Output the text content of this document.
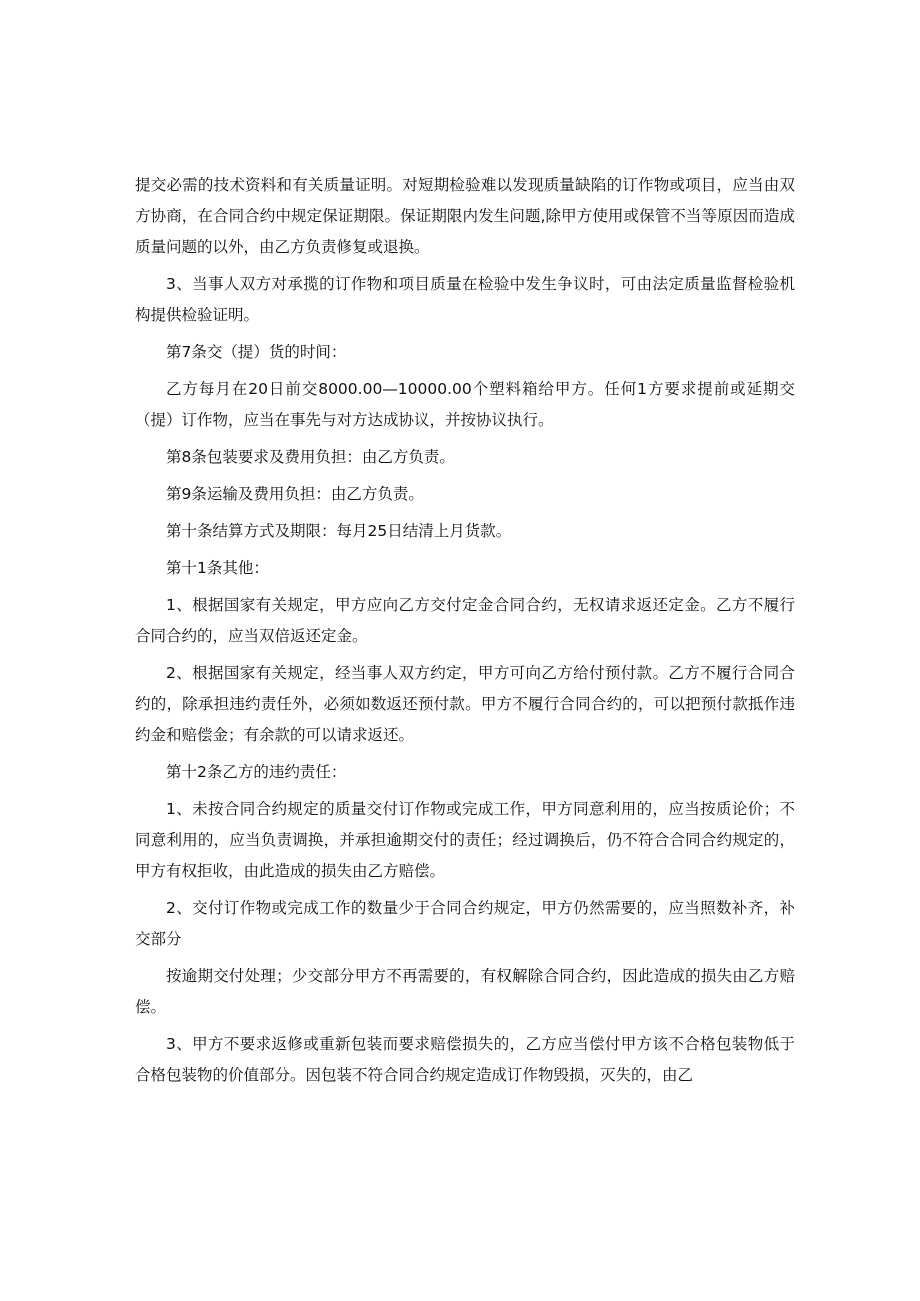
提交必需的技术资料和有关质量证明。对短期检验难以发现质量缺陷的订作物或项目，应当由双方协商，在合同合约中规定保证期限。保证期限内发生问题,除甲方使用或保管不当等原因而造成质量问题的以外，由乙方负责修复或退换。

3、当事人双方对承揽的订作物和项目质量在检验中发生争议时，可由法定质量监督检验机构提供检验证明。

第7条交（提）货的时间：

乙方每月在20日前交8000.00—10000.00个塑料箱给甲方。任何1方要求提前或延期交（提）订作物，应当在事先与对方达成协议，并按协议执行。

第8条包装要求及费用负担：由乙方负责。

第9条运输及费用负担：由乙方负责。

第十条结算方式及期限：每月25日结清上月货款。

第十1条其他：

1、根据国家有关规定，甲方应向乙方交付定金合同合约，无权请求返还定金。乙方不履行合同合约的，应当双倍返还定金。

2、根据国家有关规定，经当事人双方约定，甲方可向乙方给付预付款。乙方不履行合同合约的，除承担违约责任外，必须如数返还预付款。甲方不履行合同合约的，可以把预付款抵作违约金和赔偿金；有余款的可以请求返还。

第十2条乙方的违约责任：

1、未按合同合约规定的质量交付订作物或完成工作，甲方同意利用的，应当按质论价；不同意利用的，应当负责调换，并承担逾期交付的责任；经过调换后，仍不符合合同合约规定的，甲方有权拒收，由此造成的损失由乙方赔偿。

2、交付订作物或完成工作的数量少于合同合约规定，甲方仍然需要的，应当照数补齐，补交部分

按逾期交付处理；少交部分甲方不再需要的，有权解除合同合约，因此造成的损失由乙方赔偿。

3、甲方不要求返修或重新包装而要求赔偿损失的，乙方应当偿付甲方该不合格包装物低于合格包装物的价值部分。因包装不符合同合约规定造成订作物毁损，灭失的，由乙
